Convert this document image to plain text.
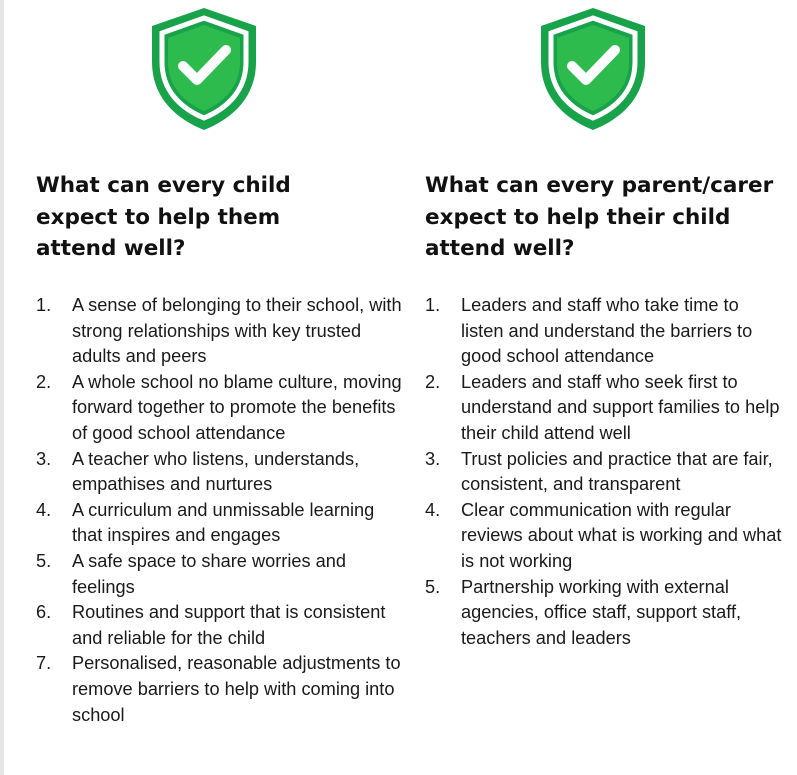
What can every child expect to help them attend well?
1. A sense of belonging to their school, with strong relationships with key trusted adults and peers
2. A whole school no blame culture, moving forward together to promote the benefits of good school attendance
3. A teacher who listens, understands, empathises and nurtures
4. A curriculum and unmissable learning that inspires and engages
5. A safe space to share worries and feelings
6. Routines and support that is consistent and reliable for the child
7. Personalised, reasonable adjustments to remove barriers to help with coming into school
What can every parent/carer expect to help their child attend well?
1. Leaders and staff who take time to listen and understand the barriers to good school attendance
2. Leaders and staff who seek first to understand and support families to help their child attend well
3. Trust policies and practice that are fair, consistent, and transparent
4. Clear communication with regular reviews about what is working and what is not working
5. Partnership working with external agencies, office staff, support staff, teachers and leaders
